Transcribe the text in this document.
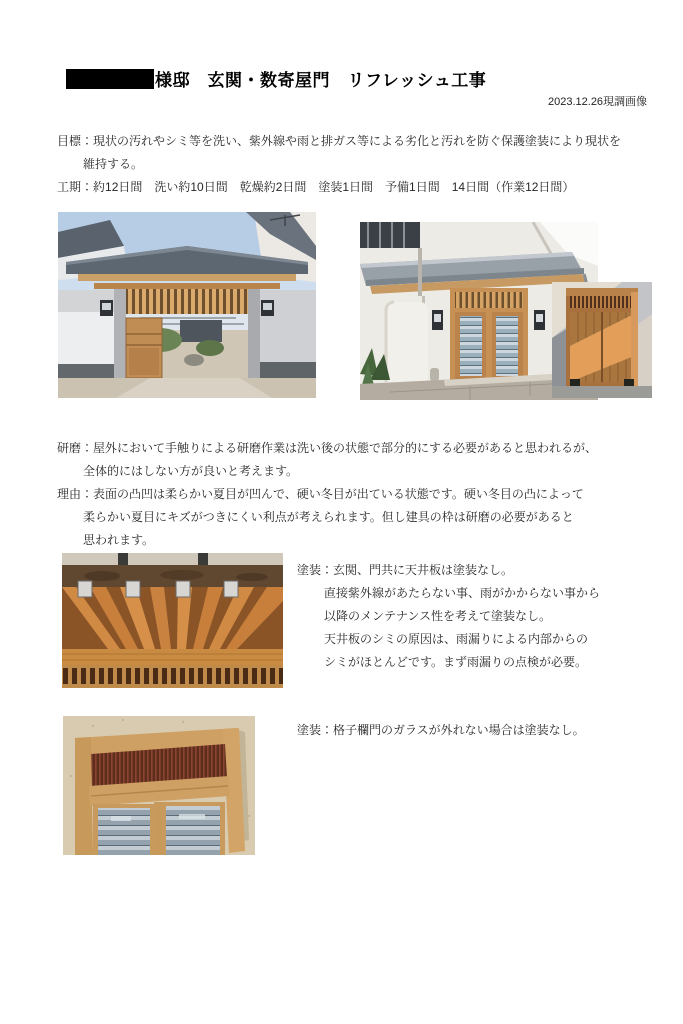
様邸　玄関・数寄屋門　リフレッシュ工事
2023.12.26現調画像
目標：現状の汚れやシミ等を洗い、紫外線や雨と排ガス等による劣化と汚れを防ぐ保護塗装により現状を
維持する。
工期：約12日間　洗い約10日間　乾燥約2日間　塗装1日間　予備1日間　14日間（作業12日間）
研磨：屋外において手触りによる研磨作業は洗い後の状態で部分的にする必要があると思われるが、
全体的にはしない方が良いと考えます。
理由：表面の凸凹は柔らかい夏目が凹んで、硬い冬目が出ている状態です。硬い冬目の凸によって
柔らかい夏目にキズがつきにくい利点が考えられます。但し建具の枠は研磨の必要があると
思われます。
塗装：玄関、門共に天井板は塗装なし。
直接紫外線があたらない事、雨がかからない事から
以降のメンテナンス性を考えて塗装なし。
天井板のシミの原因は、雨漏りによる内部からの
シミがほとんどです。まず雨漏りの点検が必要。
塗装：格子欄門のガラスが外れない場合は塗装なし。
